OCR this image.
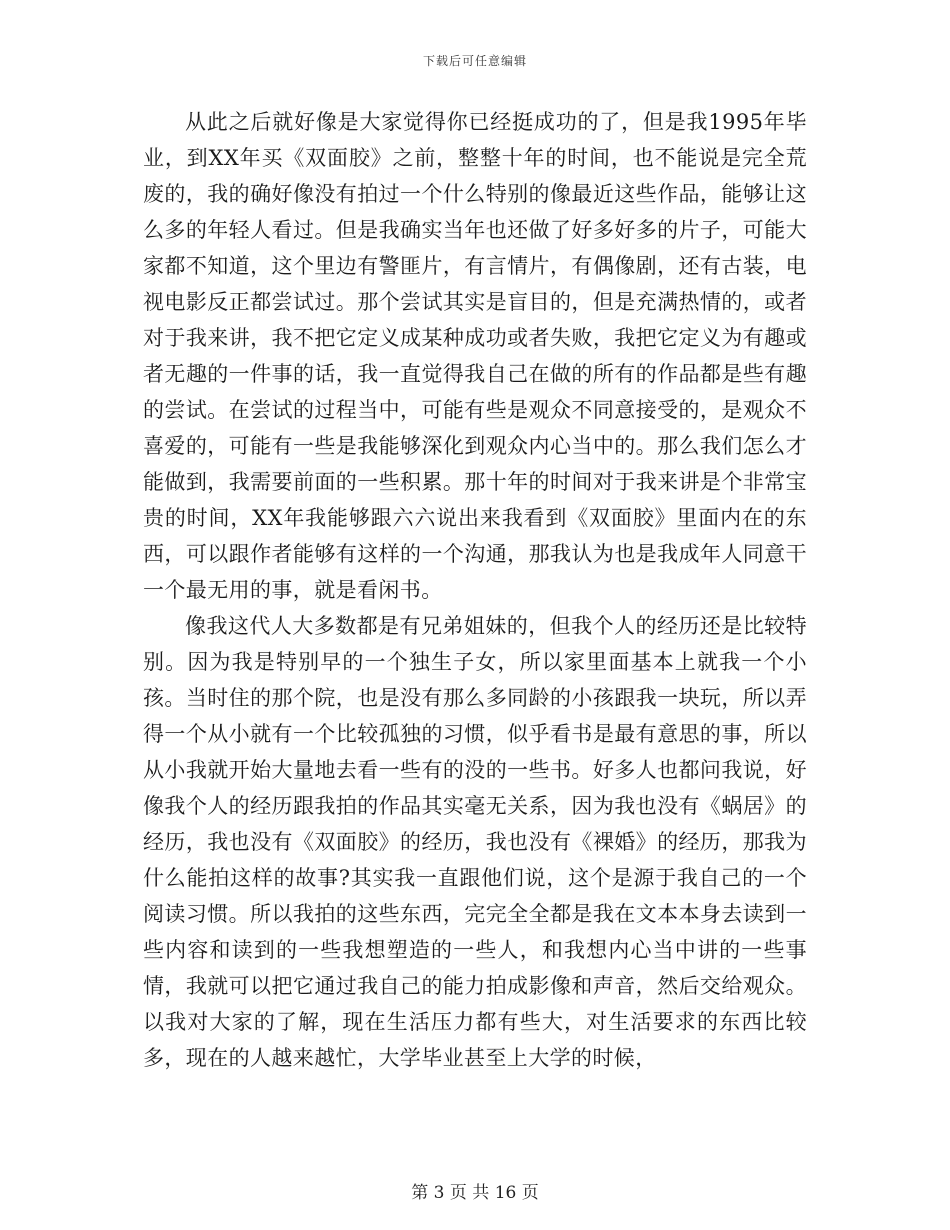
下载后可任意编辑

从此之后就好像是大家觉得你已经挺成功的了，但是我1995年毕业，到XX年买《双面胶》之前，整整十年的时间，也不能说是完全荒废的，我的确好像没有拍过一个什么特别的像最近这些作品，能够让这么多的年轻人看过。但是我确实当年也还做了好多好多的片子，可能大家都不知道，这个里边有警匪片，有言情片，有偶像剧，还有古装，电视电影反正都尝试过。那个尝试其实是盲目的，但是充满热情的，或者对于我来讲，我不把它定义成某种成功或者失败，我把它定义为有趣或者无趣的一件事的话，我一直觉得我自己在做的所有的作品都是些有趣的尝试。在尝试的过程当中，可能有些是观众不同意接受的，是观众不喜爱的，可能有一些是我能够深化到观众内心当中的。那么我们怎么才能做到，我需要前面的一些积累。那十年的时间对于我来讲是个非常宝贵的时间，XX年我能够跟六六说出来我看到《双面胶》里面内在的东西，可以跟作者能够有这样的一个沟通，那我认为也是我成年人同意干一个最无用的事，就是看闲书。

像我这代人大多数都是有兄弟姐妹的，但我个人的经历还是比较特别。因为我是特别早的一个独生子女，所以家里面基本上就我一个小孩。当时住的那个院，也是没有那么多同龄的小孩跟我一块玩，所以弄得一个从小就有一个比较孤独的习惯，似乎看书是最有意思的事，所以从小我就开始大量地去看一些有的没的一些书。好多人也都问我说，好像我个人的经历跟我拍的作品其实毫无关系，因为我也没有《蜗居》的经历，我也没有《双面胶》的经历，我也没有《裸婚》的经历，那我为什么能拍这样的故事?其实我一直跟他们说，这个是源于我自己的一个阅读习惯。所以我拍的这些东西，完完全全都是我在文本本身去读到一些内容和读到的一些我想塑造的一些人，和我想内心当中讲的一些事情，我就可以把它通过我自己的能力拍成影像和声音，然后交给观众。以我对大家的了解，现在生活压力都有些大，对生活要求的东西比较多，现在的人越来越忙，大学毕业甚至上大学的时候，

第 3 页 共 16 页
